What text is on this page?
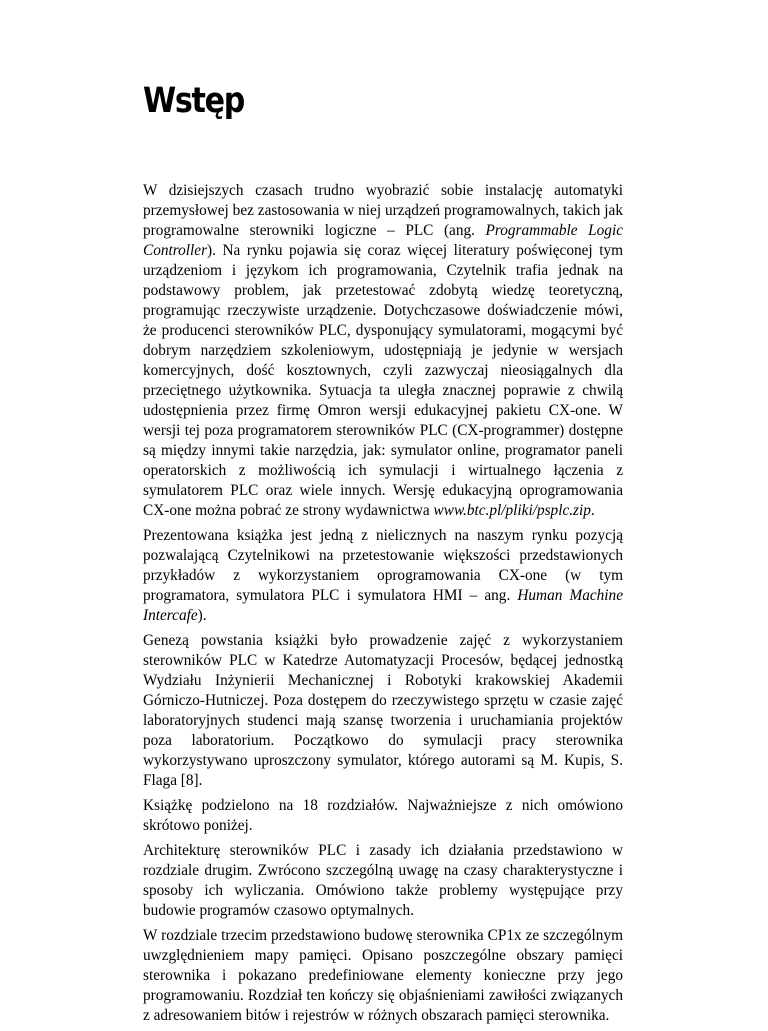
Wstęp

W dzisiejszych czasach trudno wyobrazić sobie instalację automatyki przemysłowej bez zastosowania w niej urządzeń programowalnych, takich jak programowalne sterowniki logiczne – PLC (ang. Programmable Logic Controller). Na rynku pojawia się coraz więcej literatury poświęconej tym urządzeniom i językom ich programowania, Czytelnik trafia jednak na podstawowy problem, jak przetestować zdobytą wiedzę teoretyczną, programując rzeczywiste urządzenie. Dotychczasowe doświadczenie mówi, że producenci sterowników PLC, dysponujący symulatorami, mogącymi być dobrym narzędziem szkoleniowym, udostępniają je jedynie w wersjach komercyjnych, dość kosztownych, czyli zazwyczaj nieosiągalnych dla przeciętnego użytkownika. Sytuacja ta uległa znacznej poprawie z chwilą udostępnienia przez firmę Omron wersji edukacyjnej pakietu CX-one. W wersji tej poza programatorem sterowników PLC (CX-programmer) dostępne są między innymi takie narzędzia, jak: symulator online, programator paneli operatorskich z możliwością ich symulacji i wirtualnego łączenia z symulatorem PLC oraz wiele innych. Wersję edukacyjną oprogramowania CX-one można pobrać ze strony wydawnictwa www.btc.pl/pliki/psplc.zip.

Prezentowana książka jest jedną z nielicznych na naszym rynku pozycją pozwalającą Czytelnikowi na przetestowanie większości przedstawionych przykładów z wykorzystaniem oprogramowania CX-one (w tym programatora, symulatora PLC i symulatora HMI – ang. Human Machine Intercafe).

Genezą powstania książki było prowadzenie zajęć z wykorzystaniem sterowników PLC w Katedrze Automatyzacji Procesów, będącej jednostką Wydziału Inżynierii Mechanicznej i Robotyki krakowskiej Akademii Górniczo-Hutniczej. Poza dostępem do rzeczywistego sprzętu w czasie zajęć laboratoryjnych studenci mają szansę tworzenia i uruchamiania projektów poza laboratorium. Początkowo do symulacji pracy sterownika wykorzystywano uproszczony symulator, którego autorami są M. Kupis, S. Flaga [8].

Książkę podzielono na 18 rozdziałów. Najważniejsze z nich omówiono skrótowo poniżej.

Architekturę sterowników PLC i zasady ich działania przedstawiono w rozdziale drugim. Zwrócono szczególną uwagę na czasy charakterystyczne i sposoby ich wyliczania. Omówiono także problemy występujące przy budowie programów czasowo optymalnych.

W rozdziale trzecim przedstawiono budowę sterownika CP1x ze szczególnym uwzględnieniem mapy pamięci. Opisano poszczególne obszary pamięci sterownika i pokazano predefiniowane elementy konieczne przy jego programowaniu. Rozdział ten kończy się objaśnieniami zawiłości związanych z adresowaniem bitów i rejestrów w różnych obszarach pamięci sterownika.
